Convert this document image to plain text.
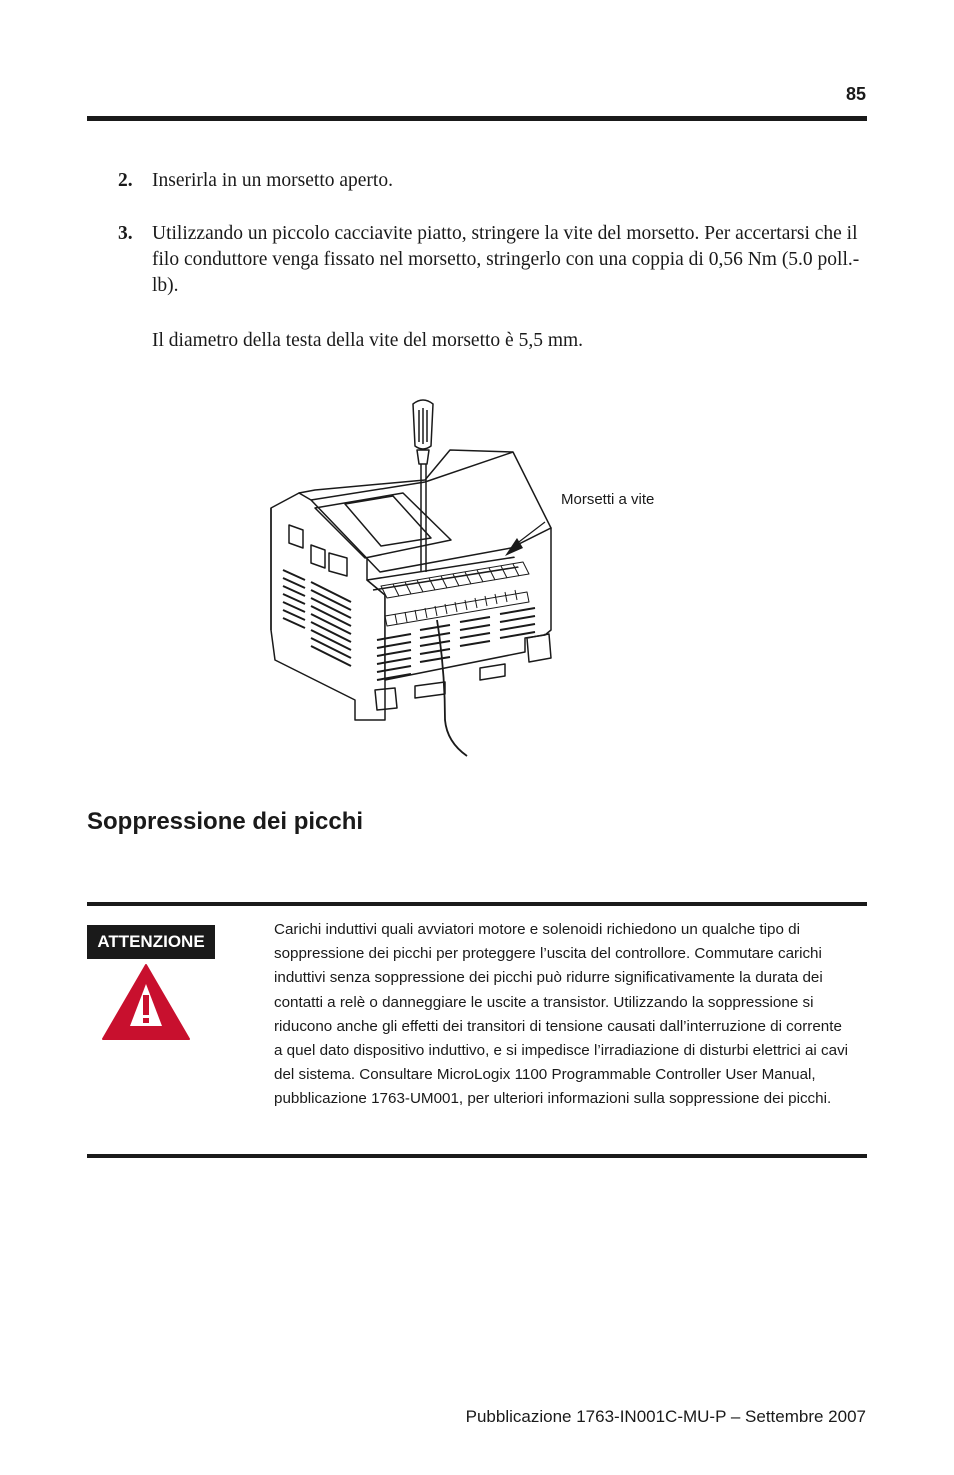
85
2. Inserirla in un morsetto aperto.
3. Utilizzando un piccolo cacciavite piatto, stringere la vite del morsetto. Per accertarsi che il filo conduttore venga fissato nel morsetto, stringerlo con una coppia di 0,56 Nm (5.0 poll.-lb).
Il diametro della testa della vite del morsetto è 5,5 mm.
Morsetti a vite
Soppressione dei picchi
ATTENZIONE

Carichi induttivi quali avviatori motore e solenoidi richiedono un qualche tipo di soppressione dei picchi per proteggere l’uscita del controllore. Commutare carichi induttivi senza soppressione dei picchi può ridurre significativamente la durata dei contatti a relè o danneggiare le uscite a transistor. Utilizzando la soppressione si riducono anche gli effetti dei transitori di tensione causati dall’interruzione di corrente a quel dato dispositivo induttivo, e si impedisce l’irradiazione di disturbi elettrici ai cavi del sistema. Consultare MicroLogix 1100 Programmable Controller User Manual, pubblicazione 1763-UM001, per ulteriori informazioni sulla soppressione dei picchi.

Pubblicazione 1763-IN001C-MU-P – Settembre 2007
